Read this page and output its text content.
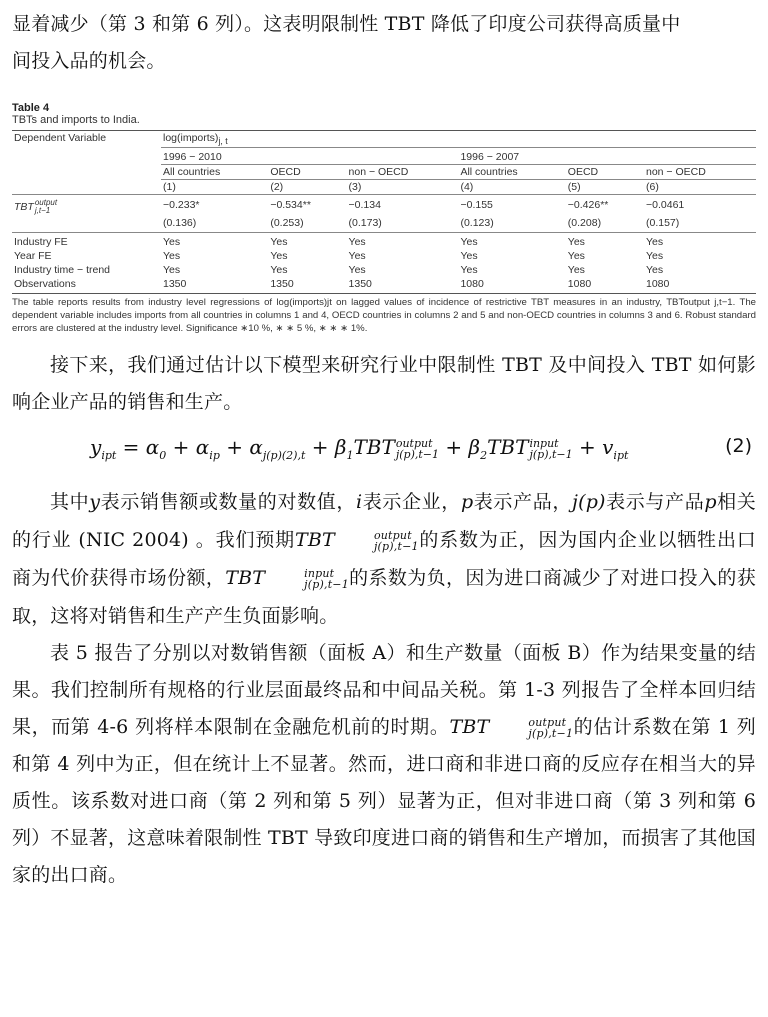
显着减少（第 3 和第 6 列）。这表明限制性 TBT 降低了印度公司获得高质量中
间投入品的机会。

Table 4
TBTs and imports to India.
Dependent Variable	$\log(imports)_{j, t}$
	1996 − 2010			1996 − 2007		
	All countries	OECD	non − OECD	All countries	OECD	non − OECD
	(1)	(2)	(3)	(4)	(5)	(6)
TBT output
j,t−1	−0.233*	−0.534**	−0.134	−0.155	−0.426**	−0.0461
	(0.136)	(0.253)	(0.173)	(0.123)	(0.208)	(0.157)
Industry FE	Yes	Yes	Yes	Yes	Yes	Yes
Year FE	Yes	Yes	Yes	Yes	Yes	Yes
Industry time − trend	Yes	Yes	Yes	Yes	Yes	Yes
Observations	1350	1350	1350	1080	1080	1080
The table reports results from industry level regressions of log(imports)jt on lagged values of incidence of restrictive TBT measures in an industry, TBToutput j,t−1. The dependent variable includes imports from all countries in columns 1 and 4, OECD countries in columns 2 and 5 and non-OECD countries in columns 3 and 6. Robust standard errors are clustered at the industry level. Significance ∗10 %, ∗ ∗ 5 %, ∗ ∗ ∗ 1%.

接下来，我们通过估计以下模型来研究行业中限制性 TBT 及中间投入 TBT 如何影响企业产品的销售和生产。

$y_{ipt} = \alpha_0 + \alpha_{ip} + \alpha_{j(p)(2),t} + \beta_1TBT$ output
$j(p),t-1 + \beta_2TBT$ input
$j(p),t-1 + v_{ipt}$	(2)

其中y表示销售额或数量的对数值，i表示企业，p表示产品，j(p)表示与产品p相关的行业 (NIC 2004) 。我们预期TBT	output
j(p),t−1 的系数为正，因为国内企业以牺牲出口商为代价获得市场份额，TBT	input
j(p),t−1 的系数为负，因为进口商减少了对进口投入的获取，这将对销售和生产产生负面影响。

表 5 报告了分别以对数销售额（面板 A）和生产数量（面板 B）作为结果变量的结果。我们控制所有规格的行业层面最终品和中间品关税。第 1-3 列报告了全样本回归结果，而第 4-6 列将样本限制在金融危机前的时期。TBT	output
j(p),t−1 的估计系数在第 1 列和第 4 列中为正，但在统计上不显著。然而，进口商和非进口商的反应存在相当大的异质性。该系数对进口商（第 2 列和第 5 列）显著为正，但对非进口商（第 3 列和第 6 列）不显著，这意味着限制性 TBT 导致印度进口商的销售和生产增加，而损害了其他国家的出口商。
